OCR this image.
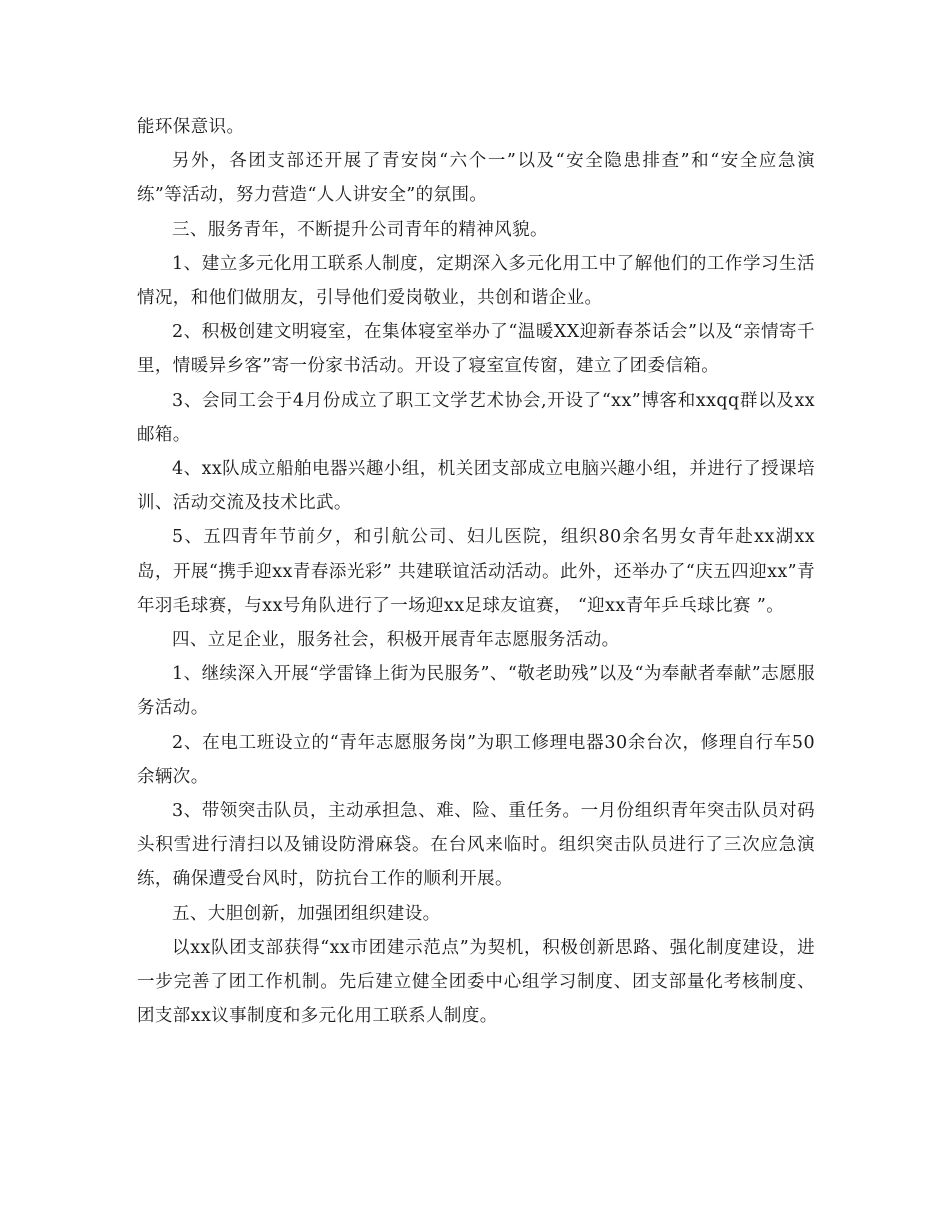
能环保意识。

另外，各团支部还开展了青安岗“六个一”以及“安全隐患排查”和“安全应急演练”等活动，努力营造“人人讲安全”的氛围。

三、服务青年，不断提升公司青年的精神风貌。

1、建立多元化用工联系人制度，定期深入多元化用工中了解他们的工作学习生活情况，和他们做朋友，引导他们爱岗敬业，共创和谐企业。

2、积极创建文明寝室，在集体寝室举办了“温暖XX迎新春茶话会”以及“亲情寄千里，情暖异乡客”寄一份家书活动。开设了寝室宣传窗，建立了团委信箱。

3、会同工会于4月份成立了职工文学艺术协会,开设了“xx”博客和xxqq群以及xx邮箱。

4、xx队成立船舶电器兴趣小组，机关团支部成立电脑兴趣小组，并进行了授课培训、活动交流及技术比武。

5、五四青年节前夕，和引航公司、妇儿医院，组织80余名男女青年赴xx湖xx岛，开展“携手迎xx青春添光彩” 共建联谊活动活动。此外，还举办了“庆五四迎xx”青年羽毛球赛，与xx号角队进行了一场迎xx足球友谊赛， “迎xx青年乒乓球比赛 ”。

四、立足企业，服务社会，积极开展青年志愿服务活动。

1、继续深入开展“学雷锋上街为民服务”、“敬老助残”以及“为奉献者奉献”志愿服务活动。

2、在电工班设立的“青年志愿服务岗”为职工修理电器30余台次，修理自行车50余辆次。

3、带领突击队员，主动承担急、难、险、重任务。一月份组织青年突击队员对码头积雪进行清扫以及铺设防滑麻袋。在台风来临时。组织突击队员进行了三次应急演练，确保遭受台风时，防抗台工作的顺利开展。

五、大胆创新，加强团组织建设。

以xx队团支部获得“xx市团建示范点”为契机，积极创新思路、强化制度建设，进一步完善了团工作机制。先后建立健全团委中心组学习制度、团支部量化考核制度、团支部xx议事制度和多元化用工联系人制度。
